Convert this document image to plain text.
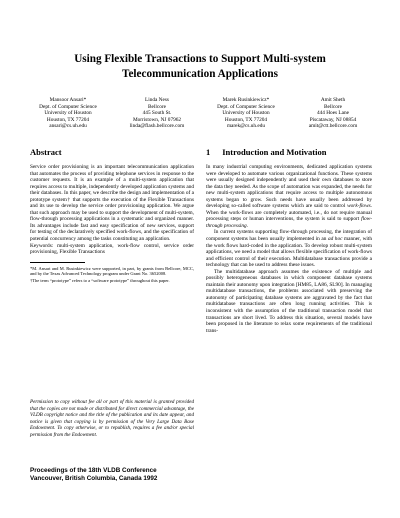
Using Flexible Transactions to Support Multi-system Telecommunication Applications
Mansoor Ansari*
Dept. of Computer Science
University of Houston
Houston, TX 77204
ansari@cs.uh.edu
Linda Ness
Bellcore
445 South St.
Morristown, NJ 07962
linda@flash.bellcore.com
Marek Rusinkiewicz*
Dept. of Computer Science
University of Houston
Houston, TX 77204
marek@cs.uh.edu
Amit Sheth
Bellcore
444 Hoes Lane
Piscataway, NJ 08854
amit@ctt.bellcore.com
Abstract

Service order provisioning is an important telecommunication application that automates the process of providing telephone services in response to the customer requests. It is an example of a multi-system application that requires access to multiple, independently developed application systems and their databases. In this paper, we describe the design and implementation of a prototype system† that supports the execution of the Flexible Transactions and its use to develop the service order provisioning application. We argue that such approach may be used to support the development of multi-system, flow-through processing applications in a systematic and organized manner. Its advantages include fast and easy specification of new services, support for testing of the declaratively specified work-flows, and the specification of potential concurrency among the tasks constituting an application.

Keywords: multi-system application, work-flow control, service order provisioning, Flexible Transactions

*M. Ansari and M. Rusinkiewicz were supported, in part, by grants from Bellcore, MCC, and by the Texas Advanced Technology program under Grant No. 3652008.

†The term “prototype” refers to a “software prototype” throughout this paper.

Permission to copy without fee all or part of this material is granted provided that the copies are not made or distributed for direct commercial advantage, the VLDB copyright notice and the title of the publication and its date appear, and notice is given that copying is by permission of the Very Large Data Base Endowment. To copy otherwise, or to republish, requires a fee and/or special permission from the Endowment.

Proceedings of the 18th VLDB Conference
Vancouver, British Columbia, Canada 1992
1 Introduction and Motivation

In many industrial computing environments, dedicated application systems were developed to automate various organizational functions. These systems were usually designed independently and used their own databases to store the data they needed. As the scope of automation was expanded, the needs for new multi-system applications that require access to multiple autonomous systems began to grow. Such needs have usually been addressed by developing so-called software systems which are said to control work-flows. When the work-flows are completely automated, i.e., do not require manual processing steps or human interventions, the system is said to support flow-through processing.

In current systems supporting flow-through processing, the integration of component systems has been usually implemented in an ad hoc manner, with the work flows hard-coded in the application. To develop robust multi-system applications, we need a model that allows flexible specification of work-flows and efficient control of their execution. Multidatabase transactions provide a technology that can be used to address these issues.

The multidatabase approach assumes the existence of multiple and possibly heterogeneous databases in which component database systems maintain their autonomy upon integration [HM85, LA86, SL90]. In managing multidatabase transactions, the problems associated with preserving the autonomy of participating database systems are aggravated by the fact that multidatabase transactions are often long running activities. This is inconsistent with the assumption of the traditional transaction model that transactions are short lived. To address this situation, several models have been proposed in the literature to relax some requirements of the traditional trans-
